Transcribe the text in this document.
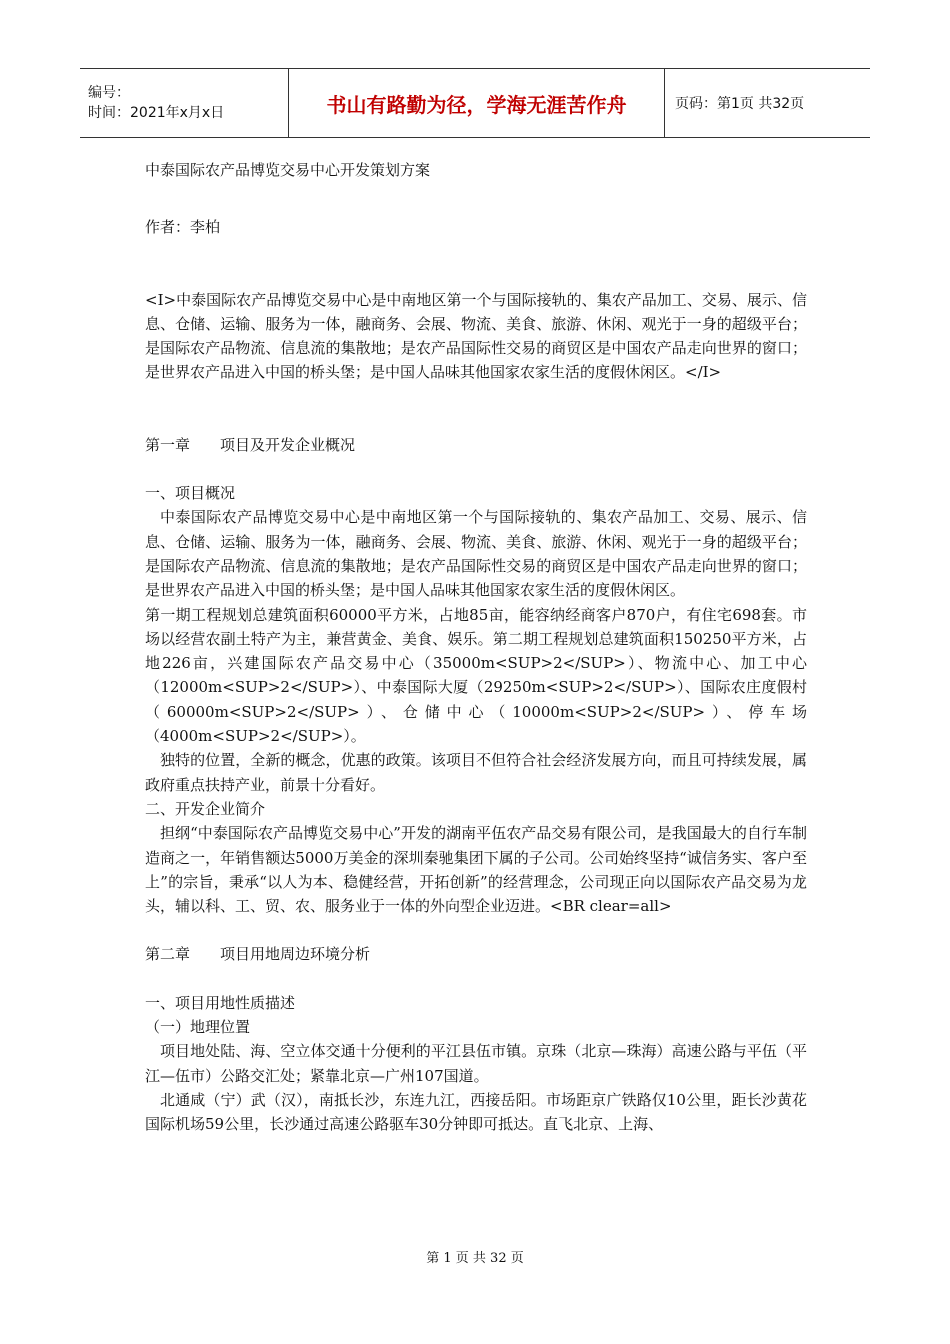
编号：
时间：2021年x月x日	书山有路勤为径，学海无涯苦作舟	页码：第1页 共32页

中泰国际农产品博览交易中心开发策划方案

作者：李柏

<I>中泰国际农产品博览交易中心是中南地区第一个与国际接轨的、集农产品加工、交易、展示、信息、仓储、运输、服务为一体，融商务、会展、物流、美食、旅游、休闲、观光于一身的超级平台；是国际农产品物流、信息流的集散地；是农产品国际性交易的商贸区是中国农产品走向世界的窗口；是世界农产品进入中国的桥头堡；是中国人品味其他国家农家生活的度假休闲区。</I>

第一章 项目及开发企业概况

一、项目概况

中泰国际农产品博览交易中心是中南地区第一个与国际接轨的、集农产品加工、交易、展示、信息、仓储、运输、服务为一体，融商务、会展、物流、美食、旅游、休闲、观光于一身的超级平台；是国际农产品物流、信息流的集散地；是农产品国际性交易的商贸区是中国农产品走向世界的窗口；是世界农产品进入中国的桥头堡；是中国人品味其他国家农家生活的度假休闲区。

第一期工程规划总建筑面积60000平方米，占地85亩，能容纳经商客户870户，有住宅698套。市场以经营农副土特产为主，兼营黄金、美食、娱乐。第二期工程规划总建筑面积150250平方米，占地226亩，兴建国际农产品交易中心（35000m<SUP>2</SUP>）、物流中心、加工中心（12000m<SUP>2</SUP>）、中泰国际大厦（29250m<SUP>2</SUP>）、国际农庄度假村（60000m<SUP>2</SUP>）、仓储中心（10000m<SUP>2</SUP>）、停车场（4000m<SUP>2</SUP>）。

独特的位置，全新的概念，优惠的政策。该项目不但符合社会经济发展方向，而且可持续发展，属政府重点扶持产业，前景十分看好。

二、开发企业简介

担纲“中泰国际农产品博览交易中心”开发的湖南平伍农产品交易有限公司，是我国最大的自行车制造商之一，年销售额达5000万美金的深圳秦驰集团下属的子公司。公司始终坚持“诚信务实、客户至上”的宗旨，秉承“以人为本、稳健经营，开拓创新”的经营理念，公司现正向以国际农产品交易为龙头，辅以科、工、贸、农、服务业于一体的外向型企业迈进。<BR clear=all>

第二章 项目用地周边环境分析

一、项目用地性质描述

（一）地理位置

项目地处陆、海、空立体交通十分便利的平江县伍市镇。京珠（北京—珠海）高速公路与平伍（平江—伍市）公路交汇处；紧靠北京—广州107国道。

北通咸（宁）武（汉），南抵长沙，东连九江，西接岳阳。市场距京广铁路仅10公里，距长沙黄花国际机场59公里，长沙通过高速公路驱车30分钟即可抵达。直飞北京、上海、

第 1 页 共 32 页
